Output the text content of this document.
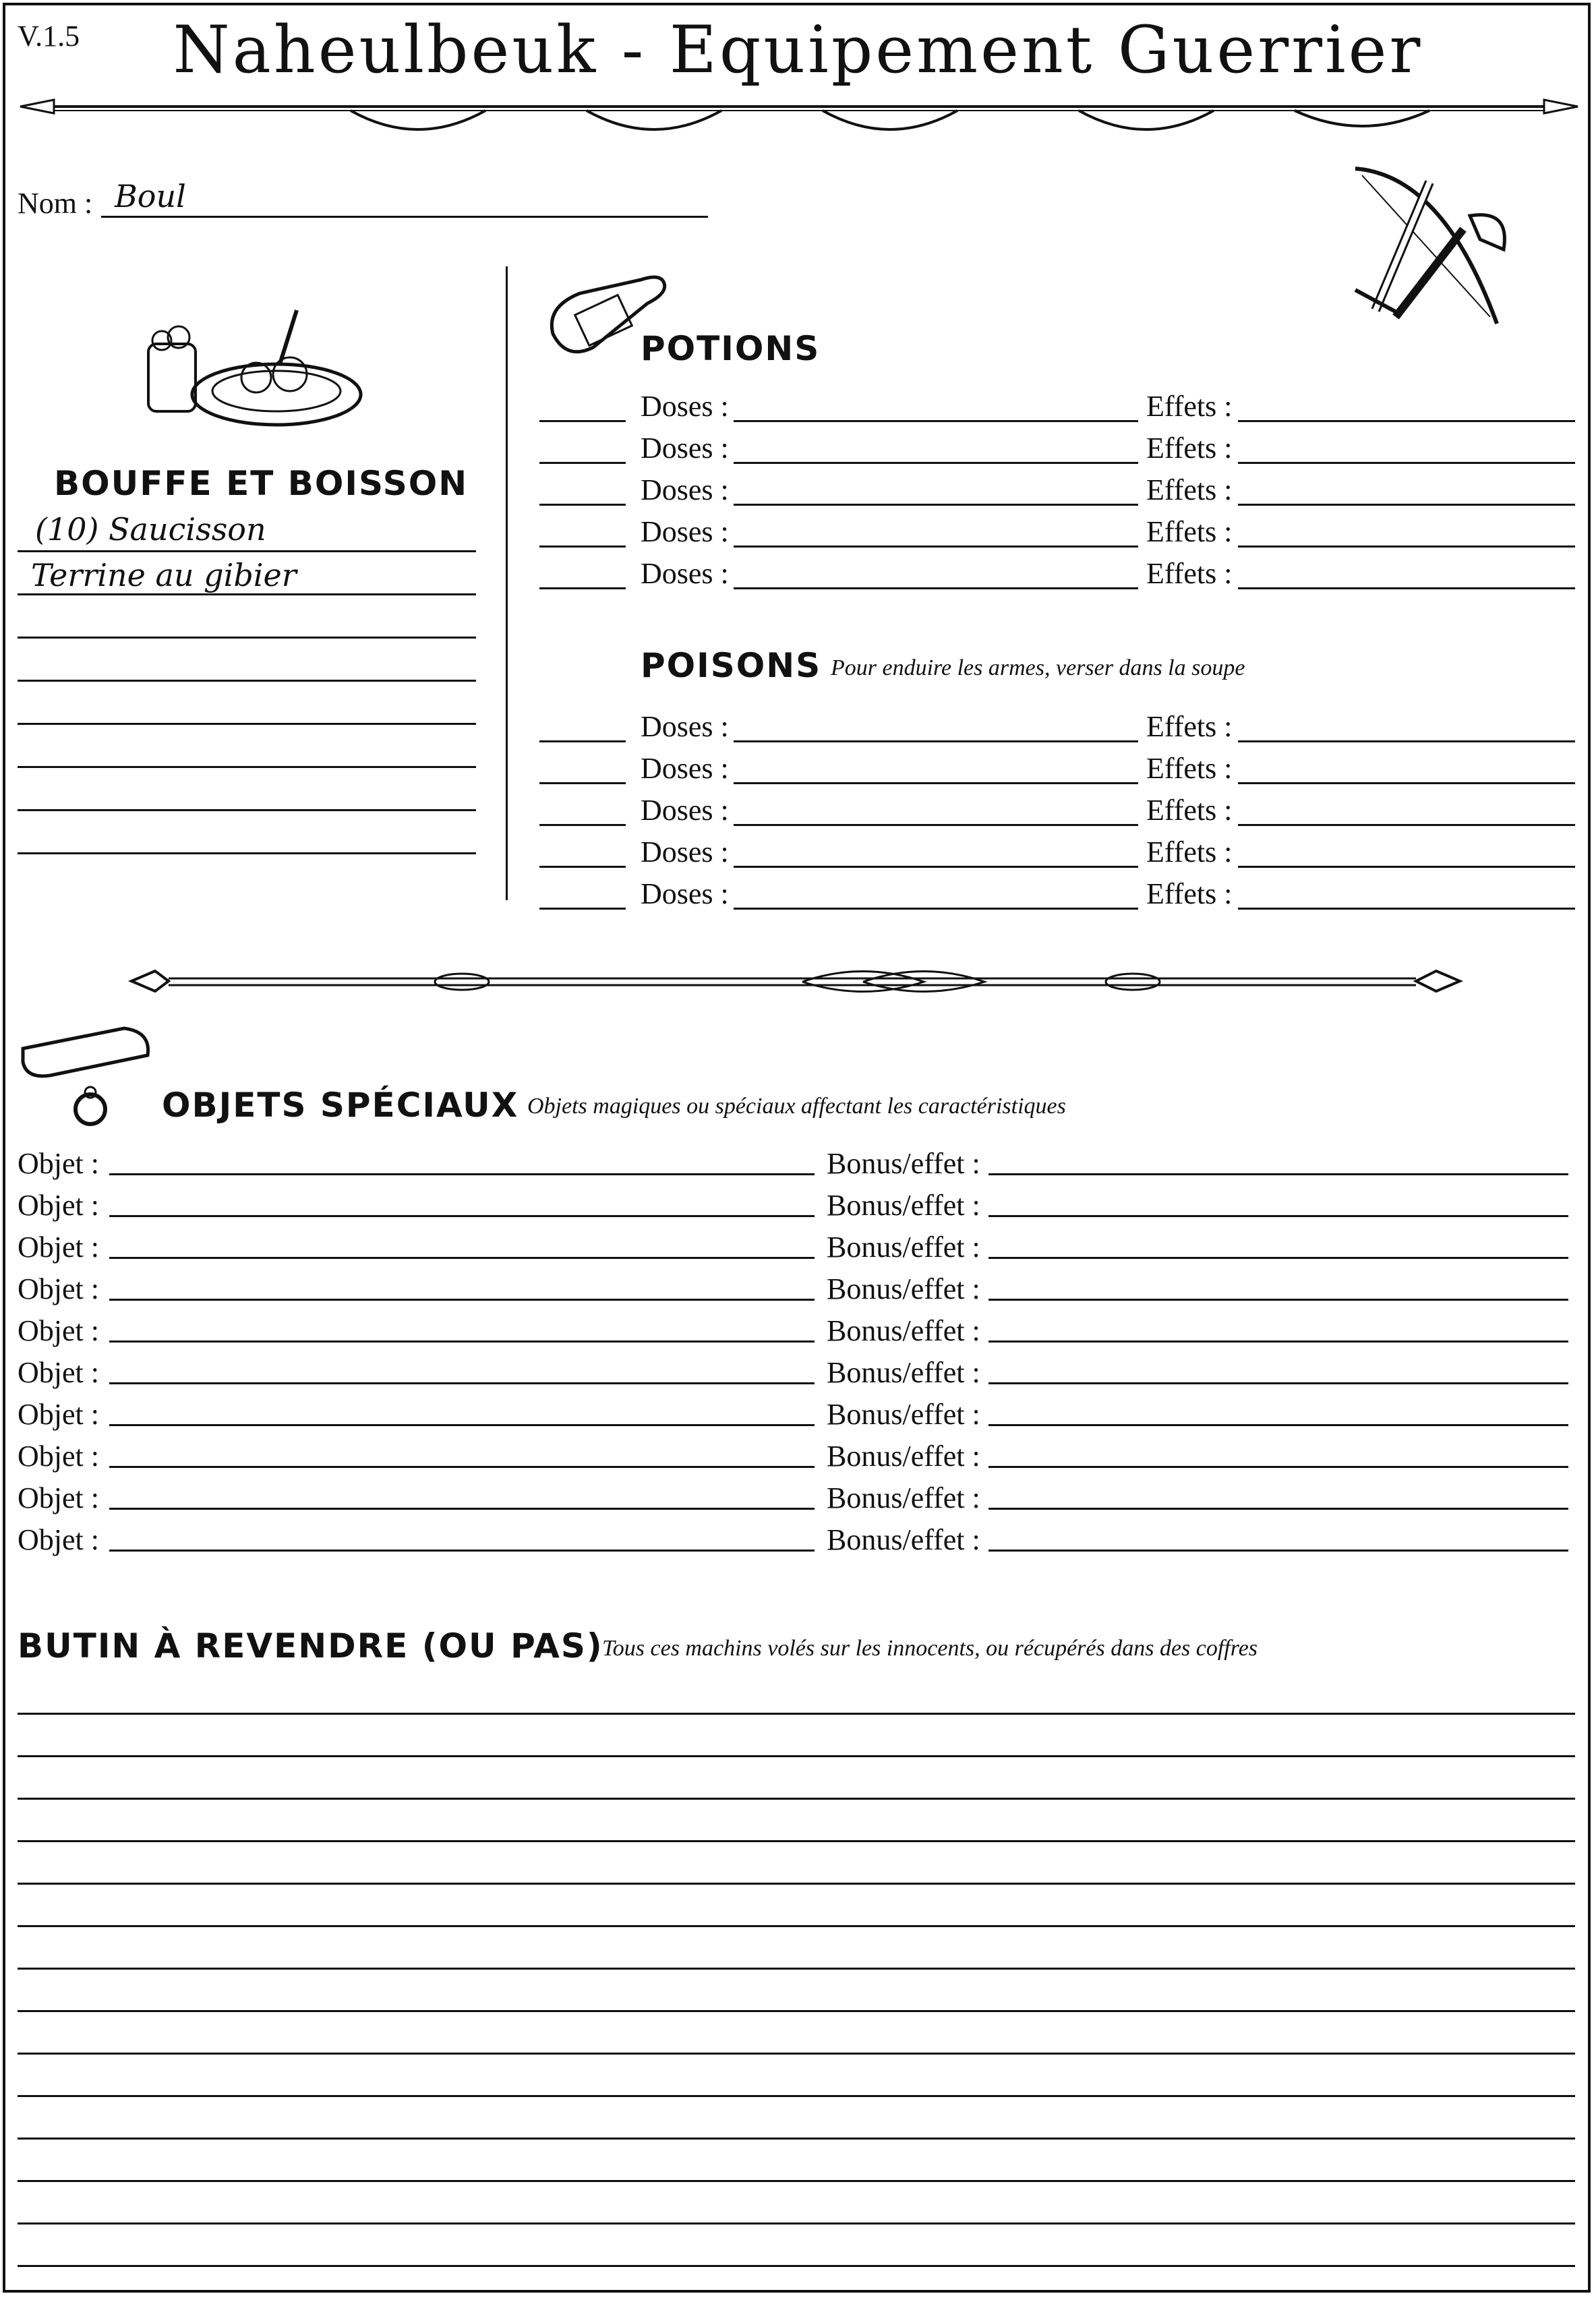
V.1.5	Naheulbeuk - Equipement Guerrier
Nom : Boul
BOUFFE ET BOISSON
(10) Saucisson
Terrine au gibier
POTIONS
Doses :	Effets :
Doses :	Effets :
Doses :	Effets :
Doses :	Effets :
Doses :	Effets :
POISONS Pour enduire les armes, verser dans la soupe
Doses :	Effets :
Doses :	Effets :
Doses :	Effets :
Doses :	Effets :
Doses :	Effets :
OBJETS SPÉCIAUX Objets magiques ou spéciaux affectant les caractéristiques
Objet :	Bonus/effet :
Objet :	Bonus/effet :
Objet :	Bonus/effet :
Objet :	Bonus/effet :
Objet :	Bonus/effet :
Objet :	Bonus/effet :
Objet :	Bonus/effet :
Objet :	Bonus/effet :
Objet :	Bonus/effet :
Objet :	Bonus/effet :
BUTIN À REVENDRE (OU PAS)
Tous ces machins volés sur les innocents, ou récupérés dans des coffres
